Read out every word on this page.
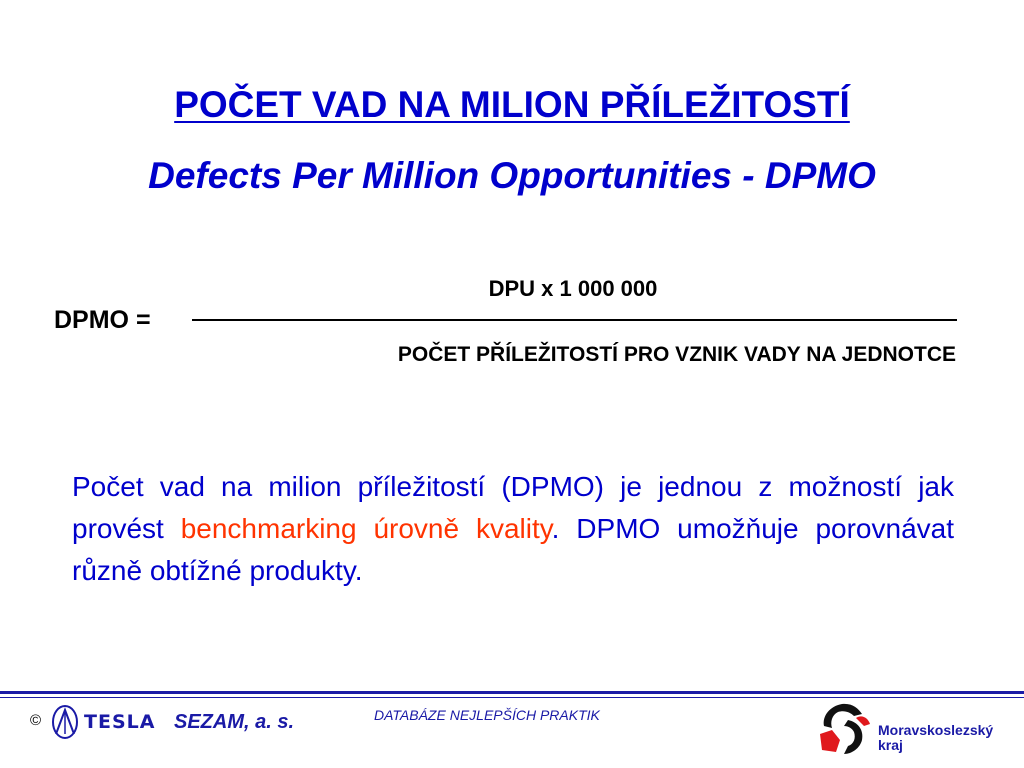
POČET VAD NA MILION PŘÍLEŽITOSTÍ
Defects Per Million Opportunities - DPMO
DPMO =
DPU x 1 000 000
POČET PŘÍLEŽITOSTÍ PRO VZNIK VADY NA JEDNOTCE
Počet vad na milion příležitostí (DPMO) je jednou z možností jak provést benchmarking úrovně kvality. DPMO umožňuje porovnávat různě obtížné produkty.
© TESLA SEZAM, a. s.	DATABÁZE NEJLEPŠÍCH PRAKTIK
Moravskoslezský
kraj
